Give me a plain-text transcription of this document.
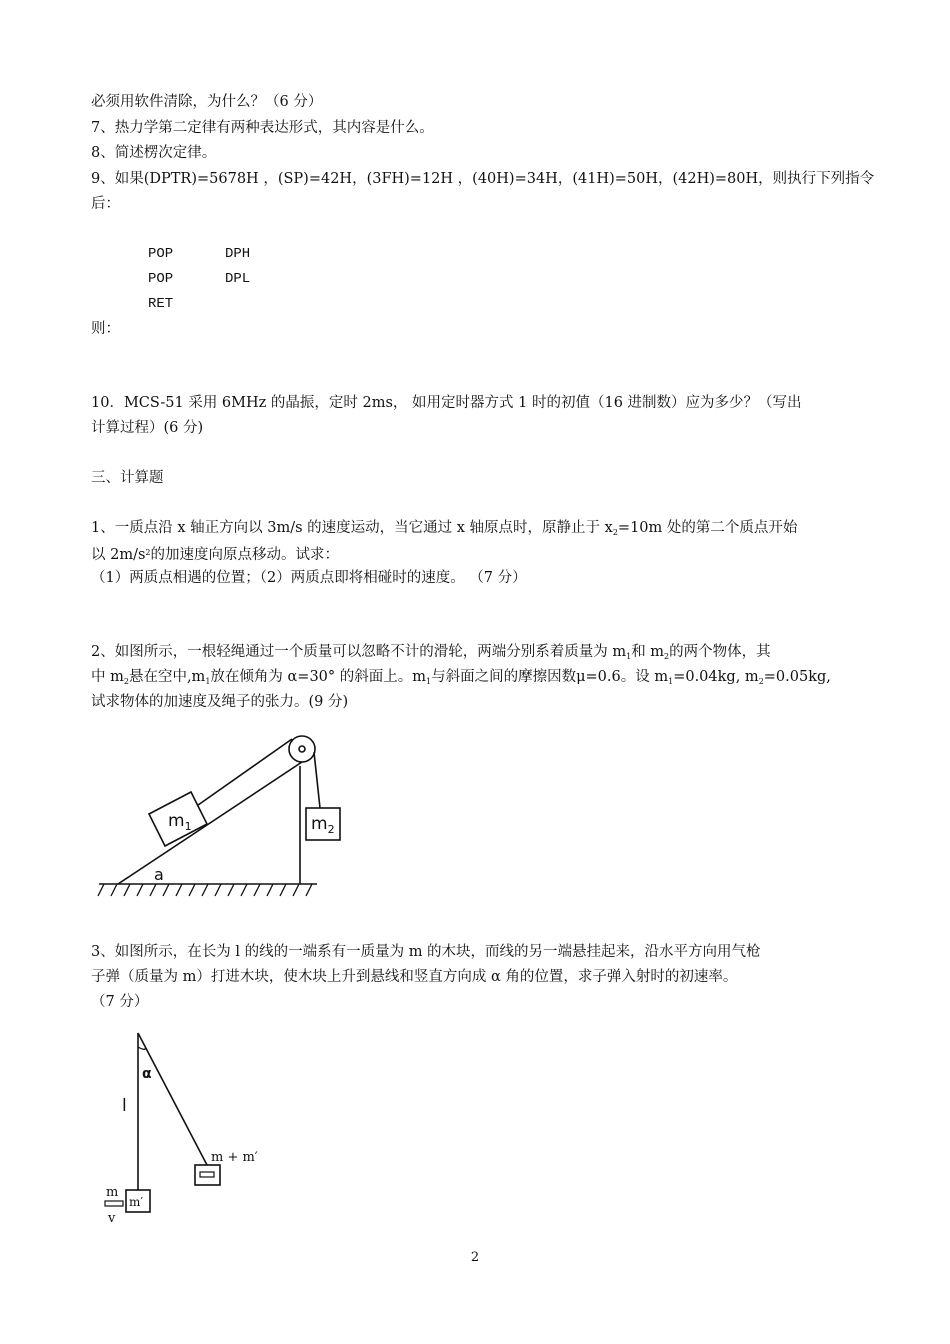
必须用软件清除，为什么？（6 分）
7、热力学第二定律有两种表达形式，其内容是什么。
8、简述楞次定律。
9、如果(DPTR)=5678H ，(SP)=42H，(3FH)=12H ，(40H)=34H，(41H)=50H，(42H)=80H，则执行下列指令
后：
POP	DPH
POP	DPL
RET
则：
10．MCS-51 采用 6MHz 的晶振，定时 2ms， 如用定时器方式 1 时的初值（16 进制数）应为多少？（写出
计算过程）(6 分)
三、计算题
1、一质点沿 x 轴正方向以 3m/s 的速度运动，当它通过 x 轴原点时，原静止于 $x_2=10m$ 处的第二个质点开始
以 $2m/s^2$的加速度向原点移动。试求：
（1）两质点相遇的位置；（2）两质点即将相碰时的速度。 （7 分）
2、如图所示，一根轻绳通过一个质量可以忽略不计的滑轮，两端分别系着质量为 $m_1$和 $m_2$的两个物体，其
中 $m_2$悬在空中$,m_1$放在倾角为 α=30° 的斜面上。$m_1$与斜面之间的摩擦因数μ=0.6。设 $m_1=0.04kg$, $m_2=0.05kg$,
试求物体的加速度及绳子的张力。(9 分)
$m_1$	$m_2$
a
3、如图所示，在长为 l 的线的一端系有一质量为 m 的木块，而线的另一端悬挂起来，沿水平方向用气枪
子弹（质量为 m）打进木块，使木块上升到悬线和竖直方向成 α 角的位置，求子弹入射时的初速率。
（7 分）
α
l
m + m′
m′
m
v
2
